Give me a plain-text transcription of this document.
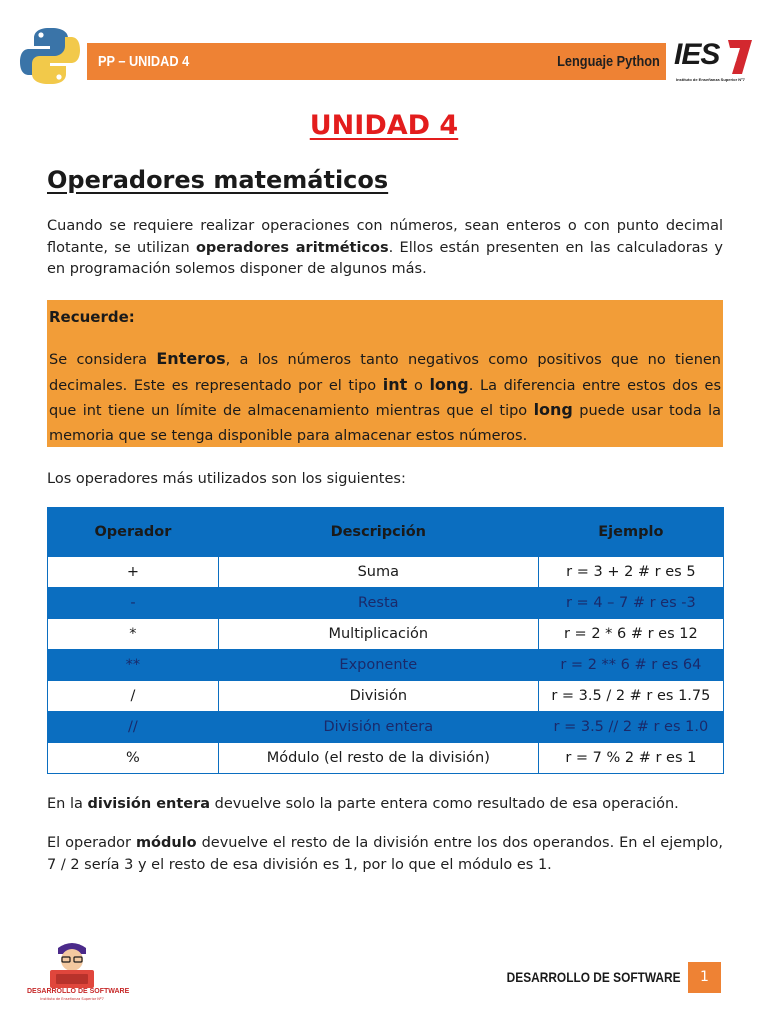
PP – UNIDAD 4	Lenguaje Python IES 7
Instituto de Enseñanza Superior Nº7
UNIDAD 4
Operadores matemáticos
Cuando se requiere realizar operaciones con números, sean enteros o con punto decimal flotante, se utilizan operadores aritméticos. Ellos están presenten en las calculadoras y en programación solemos disponer de algunos más.
Recuerde:
Se considera Enteros, a los números tanto negativos como positivos que no tienen decimales. Este es representado por el tipo int o long. La diferencia entre estos dos es que int tiene un límite de almacenamiento mientras que el tipo long puede usar toda la memoria que se tenga disponible para almacenar estos números.
Los operadores más utilizados son los siguientes:
Operador	Descripción	Ejemplo
+	Suma	r = 3 + 2 # r es 5
-	Resta	r = 4 – 7 # r es -3
*	Multiplicación	r = 2 * 6 # r es 12
**	Exponente	r = 2 ** 6 # r es 64
/	División	r = 3.5 / 2 # r es 1.75
//	División entera	r = 3.5 // 2 # r es 1.0
%	Módulo (el resto de la división)	r = 7 % 2 # r es 1
En la división entera devuelve solo la parte entera como resultado de esa operación.
El operador módulo devuelve el resto de la división entre los dos operandos. En el ejemplo, 7 / 2 sería 3 y el resto de esa división es 1, por lo que el módulo es 1.
DESARROLLO DE SOFTWARE
Instituto de Enseñanza Superior Nº7
DESARROLLO DE SOFTWARE	1
